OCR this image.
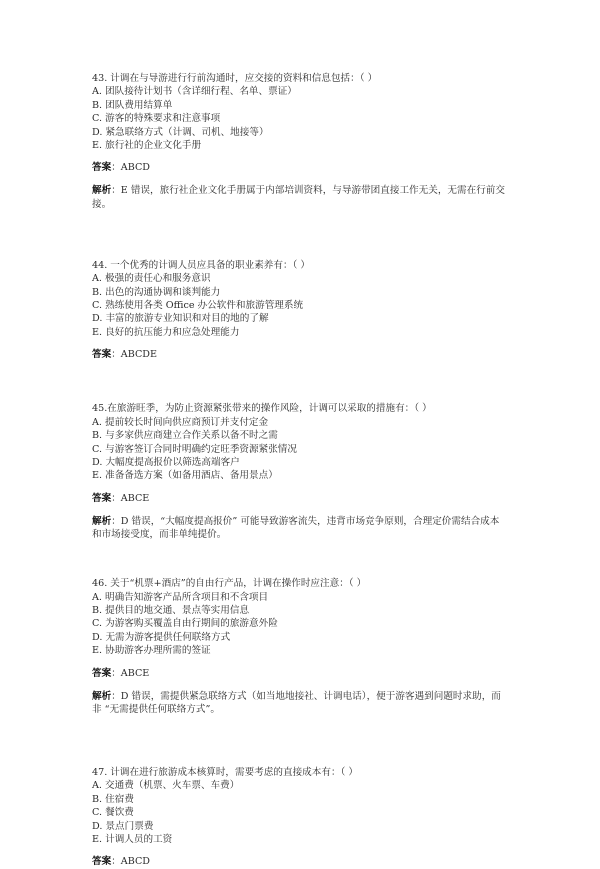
43. 计调在与导游进行行前沟通时，应交接的资料和信息包括：（ ）

A. 团队接待计划书（含详细行程、名单、票证）

B. 团队费用结算单

C. 游客的特殊要求和注意事项

D. 紧急联络方式（计调、司机、地接等）

E. 旅行社的企业文化手册

答案：ABCD

解析：E 错误，旅行社企业文化手册属于内部培训资料，与导游带团直接工作无关，无需在行前交接。

44. 一个优秀的计调人员应具备的职业素养有：（ ）

A. 极强的责任心和服务意识

B. 出色的沟通协调和谈判能力

C. 熟练使用各类 Office 办公软件和旅游管理系统

D. 丰富的旅游专业知识和对目的地的了解

E. 良好的抗压能力和应急处理能力

答案：ABCDE

45.在旅游旺季，为防止资源紧张带来的操作风险，计调可以采取的措施有：（ ）

A. 提前较长时间向供应商预订并支付定金

B. 与多家供应商建立合作关系以备不时之需

C. 与游客签订合同时明确约定旺季资源紧张情况

D. 大幅度提高报价以筛选高端客户

E. 准备备选方案（如备用酒店、备用景点）

答案：ABCE

解析：D 错误，“大幅度提高报价” 可能导致游客流失，违背市场竞争原则，合理定价需结合成本和市场接受度，而非单纯提价。

46. 关于“机票+酒店”的自由行产品，计调在操作时应注意：（ ）

A. 明确告知游客产品所含项目和不含项目

B. 提供目的地交通、景点等实用信息

C. 为游客购买覆盖自由行期间的旅游意外险

D. 无需为游客提供任何联络方式

E. 协助游客办理所需的签证

答案：ABCE

解析：D 错误，需提供紧急联络方式（如当地地接社、计调电话），便于游客遇到问题时求助，而非 “无需提供任何联络方式”。

47. 计调在进行旅游成本核算时，需要考虑的直接成本有：（ ）

A. 交通费（机票、火车票、车费）

B. 住宿费

C. 餐饮费

D. 景点门票费

E. 计调人员的工资

答案：ABCD
